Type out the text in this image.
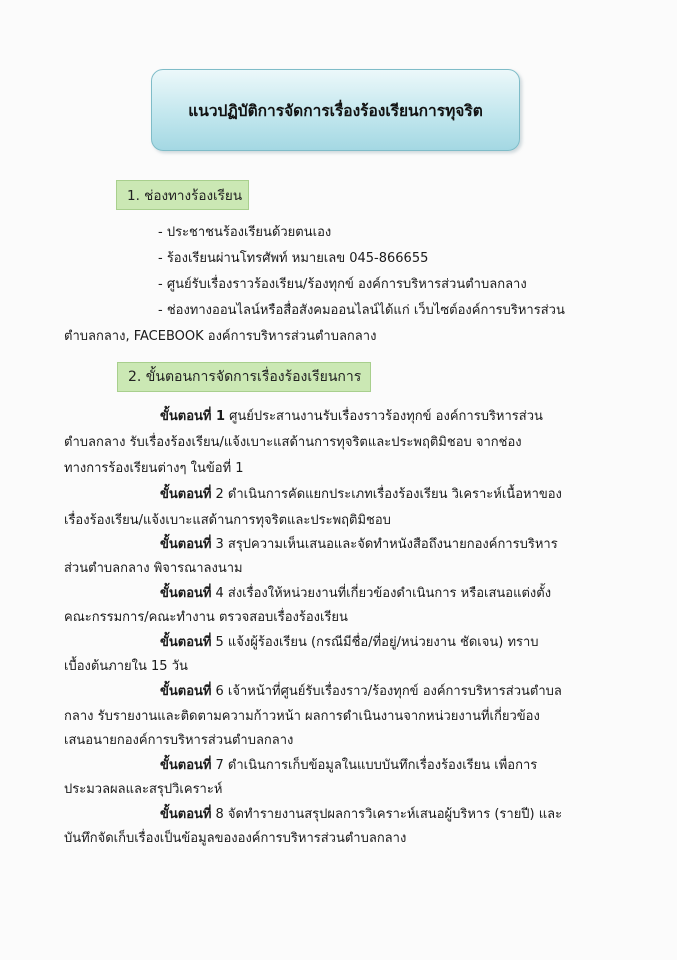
แนวปฏิบัติการจัดการเรื่องร้องเรียนการทุจริต
1. ช่องทางร้องเรียน
- ประชาชนร้องเรียนด้วยตนเอง
- ร้องเรียนผ่านโทรศัพท์ หมายเลข 045-866655
- ศูนย์รับเรื่องราวร้องเรียน/ร้องทุกข์ องค์การบริหารส่วนตำบลกลาง
- ช่องทางออนไลน์หรือสื่อสังคมออนไลน์ได้แก่ เว็บไซต์องค์การบริหารส่วน
ตำบลกลาง, FACEBOOK องค์การบริหารส่วนตำบลกลาง
2. ขั้นตอนการจัดการเรื่องร้องเรียนการ
ขั้นตอนที่ 1 ศูนย์ประสานงานรับเรื่องราวร้องทุกข์ องค์การบริหารส่วน
ตำบลกลาง รับเรื่องร้องเรียน/แจ้งเบาะแสด้านการทุจริตและประพฤติมิชอบ จากช่อง
ทางการร้องเรียนต่างๆ ในข้อที่ 1
ขั้นตอนที่ 2 ดำเนินการคัดแยกประเภทเรื่องร้องเรียน วิเคราะห์เนื้อหาของ
เรื่องร้องเรียน/แจ้งเบาะแสด้านการทุจริตและประพฤติมิชอบ
ขั้นตอนที่ 3 สรุปความเห็นเสนอและจัดทำหนังสือถึงนายกองค์การบริหาร
ส่วนตำบลกลาง พิจารณาลงนาม
ขั้นตอนที่ 4 ส่งเรื่องให้หน่วยงานที่เกี่ยวข้องดำเนินการ หรือเสนอแต่งตั้ง
คณะกรรมการ/คณะทำงาน ตรวจสอบเรื่องร้องเรียน
ขั้นตอนที่ 5 แจ้งผู้ร้องเรียน (กรณีมีชื่อ/ที่อยู่/หน่วยงาน ชัดเจน) ทราบ
เบื้องต้นภายใน 15 วัน
ขั้นตอนที่ 6 เจ้าหน้าที่ศูนย์รับเรื่องราว/ร้องทุกข์ องค์การบริหารส่วนตำบล
กลาง รับรายงานและติดตามความก้าวหน้า ผลการดำเนินงานจากหน่วยงานที่เกี่ยวข้อง
เสนอนายกองค์การบริหารส่วนตำบลกลาง
ขั้นตอนที่ 7 ดำเนินการเก็บข้อมูลในแบบบันทึกเรื่องร้องเรียน เพื่อการ
ประมวลผลและสรุปวิเคราะห์
ขั้นตอนที่ 8 จัดทำรายงานสรุปผลการวิเคราะห์เสนอผู้บริหาร (รายปี) และ
บันทึกจัดเก็บเรื่องเป็นข้อมูลขององค์การบริหารส่วนตำบลกลาง
